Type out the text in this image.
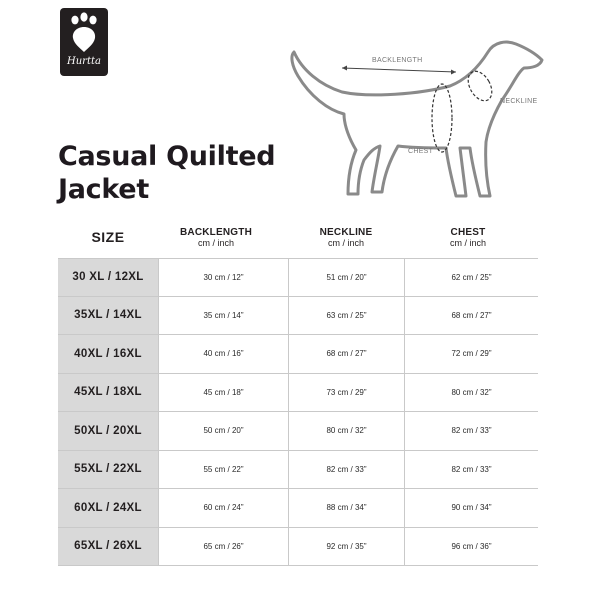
Hurtta
Casual Quilted
Jacket
BACKLENGTH
NECKLINE
CHEST
SIZE	BACKLENGTH
cm / inch
NECKLINE
cm / inch
CHEST
cm / inch
30 XL / 12XL	30 cm / 12”	51 cm / 20”	62 cm / 25”
35XL / 14XL	35 cm / 14”	63 cm / 25”	68 cm / 27”
40XL / 16XL	40 cm / 16”	68 cm / 27”	72 cm / 29”
45XL / 18XL	45 cm / 18”	73 cm / 29”	80 cm / 32”
50XL / 20XL	50 cm / 20”	80 cm / 32”	82 cm / 33”
55XL / 22XL	55 cm / 22”	82 cm / 33”	82 cm / 33”
60XL / 24XL	60 cm / 24”	88 cm / 34”	90 cm / 34”
65XL / 26XL	65 cm / 26”	92 cm / 35”	96 cm / 36”
